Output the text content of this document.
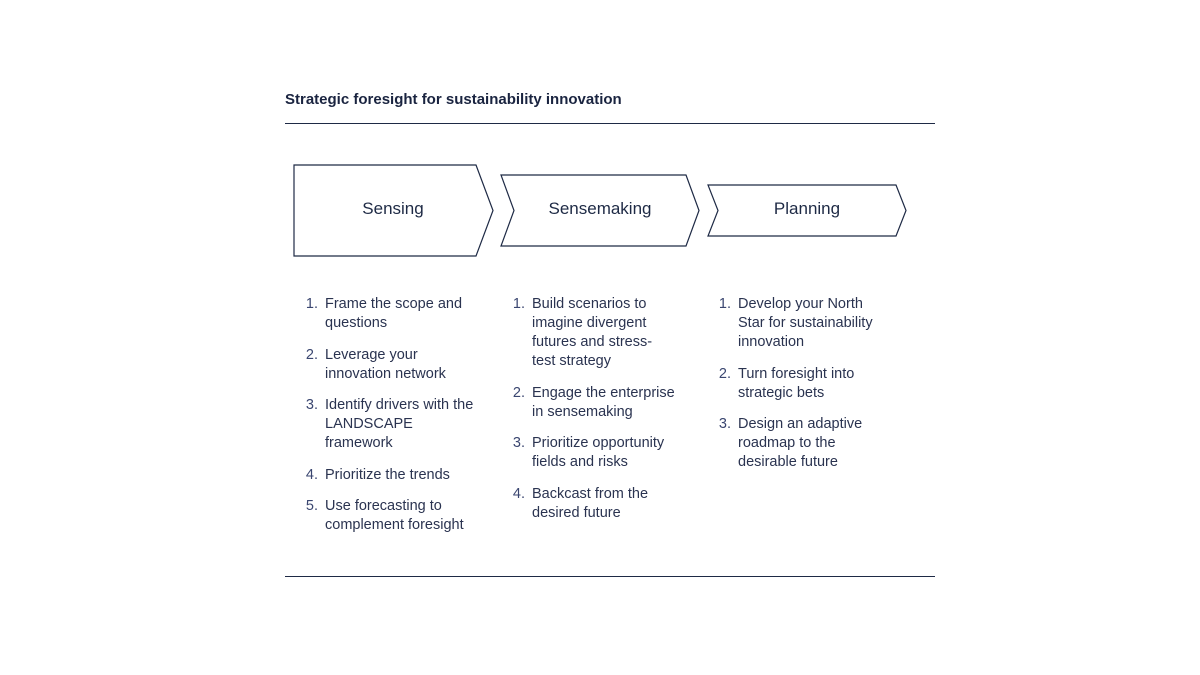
Strategic foresight for sustainability innovation
Sensing	Sensemaking	Planning
1. Frame the scope and questions
2. Leverage your innovation network
3. Identify drivers with the LANDSCAPE framework
4. Prioritize the trends
5. Use forecasting to complement foresight
1. Build scenarios to imagine divergent futures and stress-test strategy
2. Engage the enterprise in sensemaking
3. Prioritize opportunity fields and risks
4. Backcast from the desired future
1. Develop your North Star for sustainability innovation
2. Turn foresight into strategic bets
3. Design an adaptive roadmap to the desirable future
